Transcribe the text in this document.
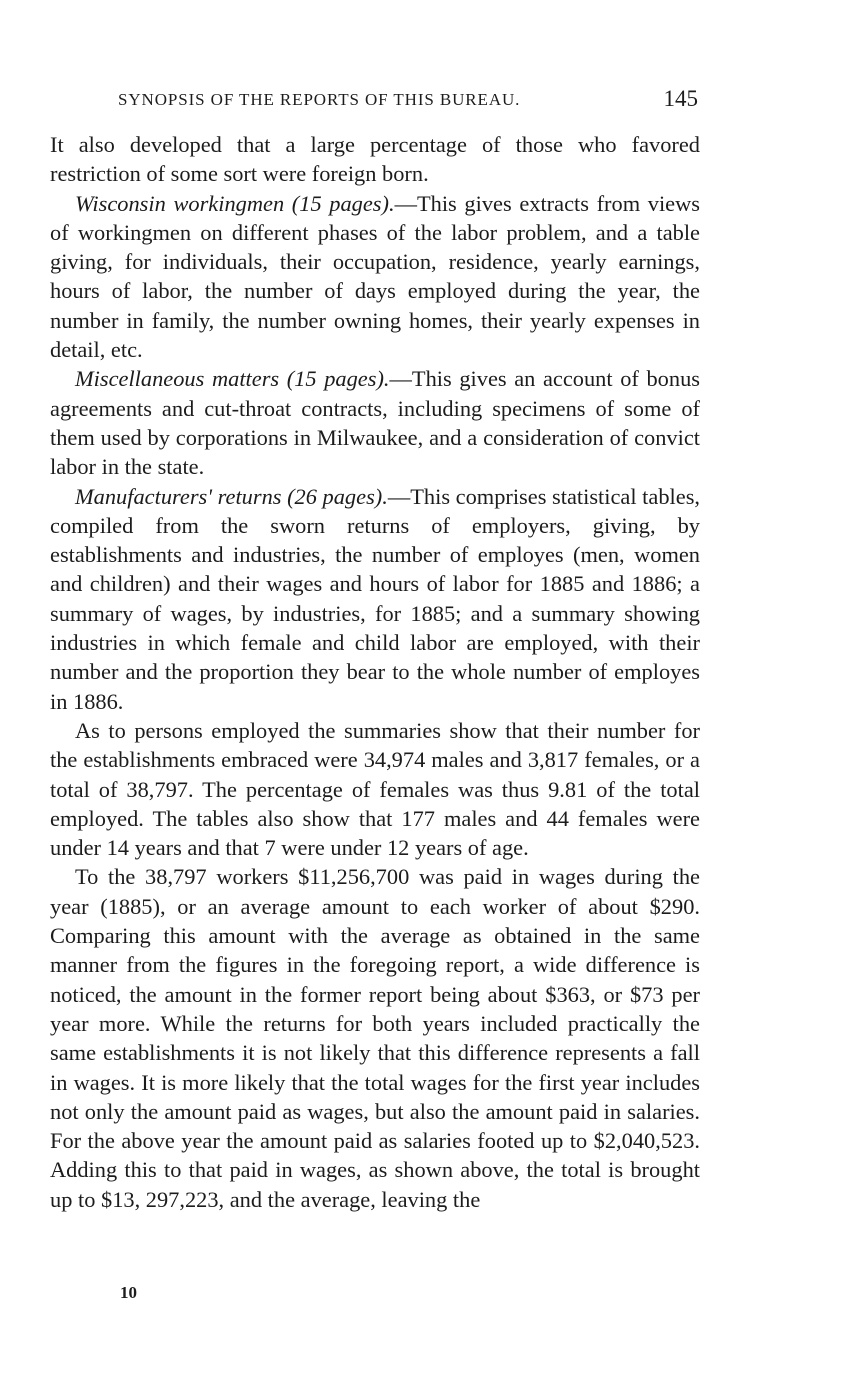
SYNOPSIS OF THE REPORTS OF THIS BUREAU.	145

It also developed that a large percentage of those who favored restriction of some sort were foreign born.

Wisconsin workingmen (15 pages).—This gives extracts from views of workingmen on different phases of the labor problem, and a table giving, for individuals, their occupation, residence, yearly earnings, hours of labor, the number of days employed during the year, the number in family, the number owning homes, their yearly expenses in detail, etc.

Miscellaneous matters (15 pages).—This gives an account of bonus agreements and cut-throat contracts, including specimens of some of them used by corporations in Milwaukee, and a consideration of convict labor in the state.

Manufacturers' returns (26 pages).—This comprises statistical tables, compiled from the sworn returns of employers, giving, by establishments and industries, the number of employes (men, women and children) and their wages and hours of labor for 1885 and 1886; a summary of wages, by industries, for 1885; and a summary showing industries in which female and child labor are employed, with their number and the proportion they bear to the whole number of employes in 1886.

As to persons employed the summaries show that their number for the establishments embraced were 34,974 males and 3,817 females, or a total of 38,797. The percentage of females was thus 9.81 of the total employed. The tables also show that 177 males and 44 females were under 14 years and that 7 were under 12 years of age.

To the 38,797 workers $11,256,700 was paid in wages during the year (1885), or an average amount to each worker of about $290. Comparing this amount with the average as obtained in the same manner from the figures in the foregoing report, a wide difference is noticed, the amount in the former report being about $363, or $73 per year more. While the returns for both years included practically the same establishments it is not likely that this difference represents a fall in wages. It is more likely that the total wages for the first year includes not only the amount paid as wages, but also the amount paid in salaries. For the above year the amount paid as salaries footed up to $2,040,523. Adding this to that paid in wages, as shown above, the total is brought up to $13, 297,223, and the average, leaving the

10
